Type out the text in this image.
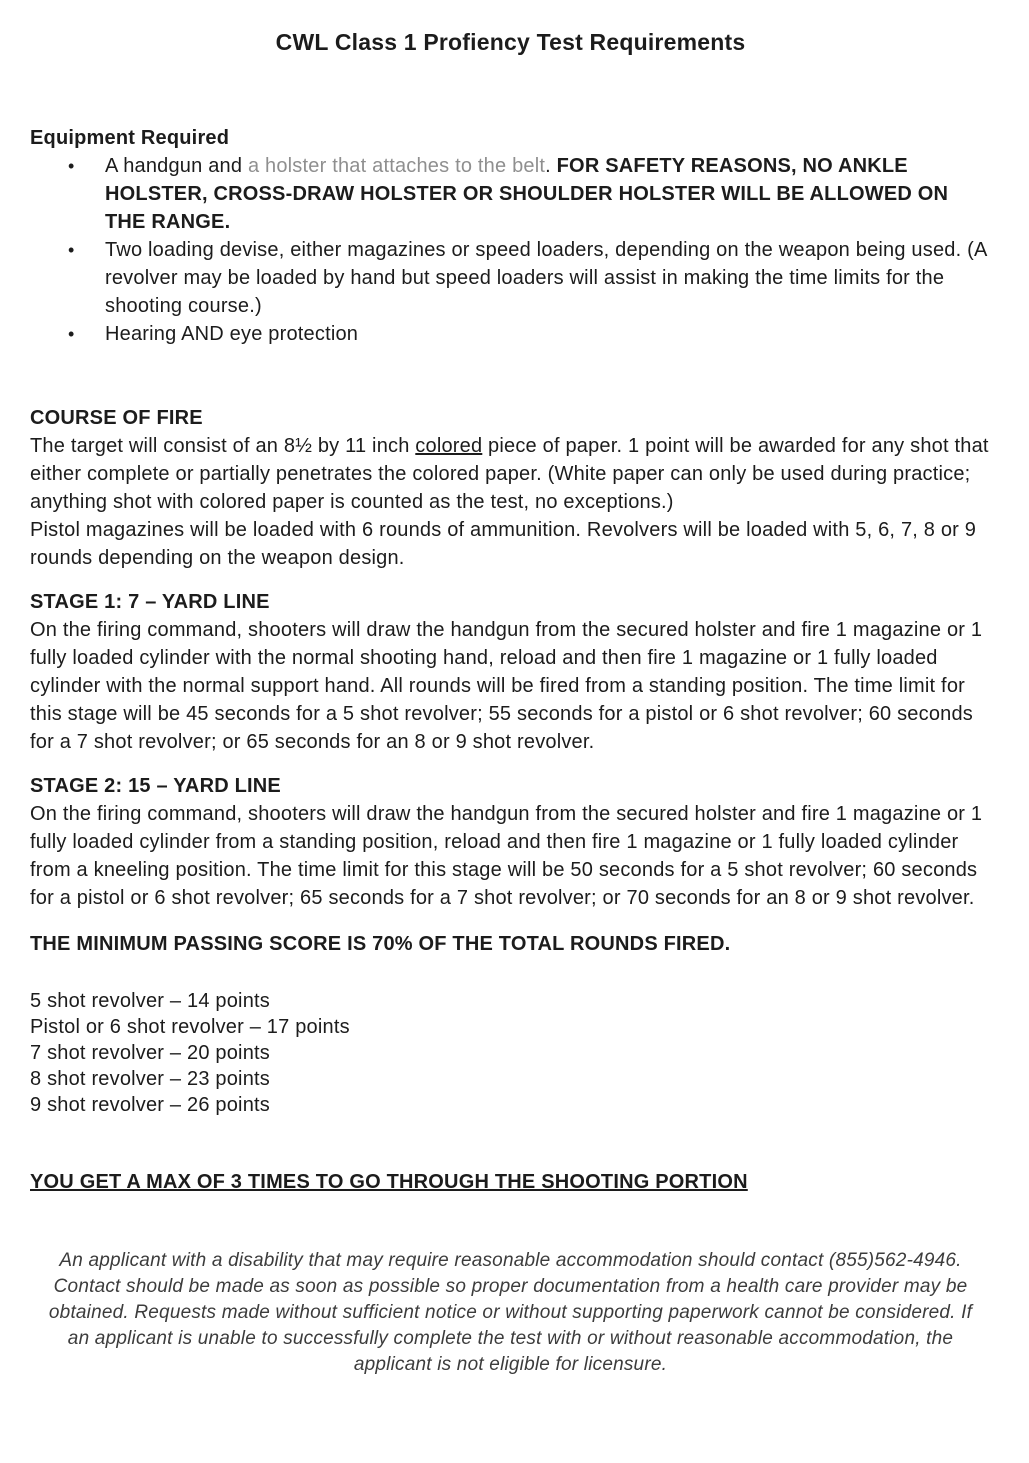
CWL Class 1 Profiency Test Requirements
Equipment Required
•	A handgun and a holster that attaches to the belt. FOR SAFETY REASONS, NO ANKLE HOLSTER, CROSS-DRAW HOLSTER OR SHOULDER HOLSTER WILL BE ALLOWED ON THE RANGE.
•	Two loading devise, either magazines or speed loaders, depending on the weapon being used. (A revolver may be loaded by hand but speed loaders will assist in making the time limits for the shooting course.)
•	Hearing AND eye protection
COURSE OF FIRE

The target will consist of an 8½ by 11 inch colored piece of paper. 1 point will be awarded for any shot that either complete or partially penetrates the colored paper. (White paper can only be used during practice; anything shot with colored paper is counted as the test, no exceptions.)

Pistol magazines will be loaded with 6 rounds of ammunition. Revolvers will be loaded with 5, 6, 7, 8 or 9 rounds depending on the weapon design.

STAGE 1: 7 – YARD LINE

On the firing command, shooters will draw the handgun from the secured holster and fire 1 magazine or 1 fully loaded cylinder with the normal shooting hand, reload and then fire 1 magazine or 1 fully loaded cylinder with the normal support hand. All rounds will be fired from a standing position. The time limit for this stage will be 45 seconds for a 5 shot revolver; 55 seconds for a pistol or 6 shot revolver; 60 seconds for a 7 shot revolver; or 65 seconds for an 8 or 9 shot revolver.

STAGE 2: 15 – YARD LINE

On the firing command, shooters will draw the handgun from the secured holster and fire 1 magazine or 1 fully loaded cylinder from a standing position, reload and then fire 1 magazine or 1 fully loaded cylinder from a kneeling position. The time limit for this stage will be 50 seconds for a 5 shot revolver; 60 seconds for a pistol or 6 shot revolver; 65 seconds for a 7 shot revolver; or 70 seconds for an 8 or 9 shot revolver.

THE MINIMUM PASSING SCORE IS 70% OF THE TOTAL ROUNDS FIRED.

5 shot revolver – 14 points
Pistol or 6 shot revolver – 17 points
7 shot revolver – 20 points
8 shot revolver – 23 points
9 shot revolver – 26 points

YOU GET A MAX OF 3 TIMES TO GO THROUGH THE SHOOTING PORTION

An applicant with a disability that may require reasonable accommodation should contact (855)562-4946. Contact should be made as soon as possible so proper documentation from a health care provider may be obtained. Requests made without sufficient notice or without supporting paperwork cannot be considered. If an applicant is unable to successfully complete the test with or without reasonable accommodation, the applicant is not eligible for licensure.
